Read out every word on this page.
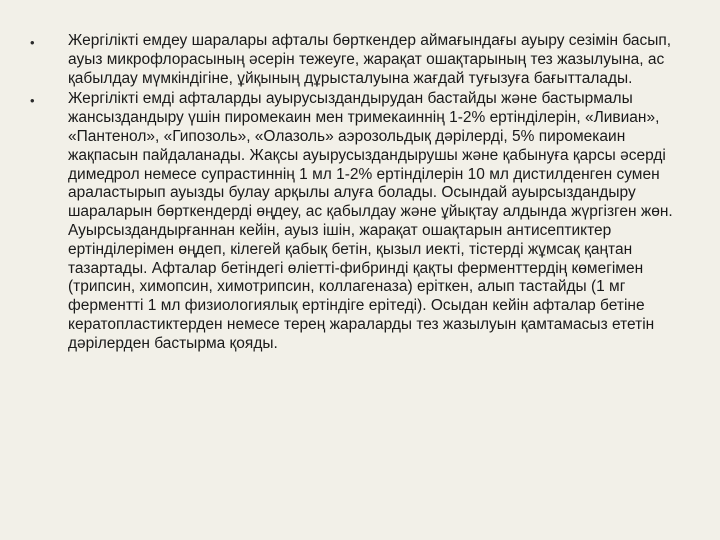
•	Жергілікті емдеу шаралары афталы бөрткендер аймағындағы ауыру сезімін басып, ауыз микрофлорасының әсерін тежеуге, жарақат ошақтарының тез жазылуына, ас қабылдау мүмкіндігіне, ұйқының дұрысталуына жағдай туғызуға бағытталады.
•	Жергілікті емді афталарды ауырусыздандырудан бастайды және бастырмалы жансыздандыру үшін пиромекаин мен тримекаиннің 1-2% ертінділерін, «Ливиан», «Пантенол», «Гипозоль», «Олазоль» аэрозольдық дәрілерді, 5% пиромекаин жақпасын пайдаланады. Жақсы ауырусыздандырушы және қабынуға қарсы әсерді димедрол немесе супрастиннің 1 мл 1-2% ертінділерін 10 мл дистилденген сумен араластырып ауызды булау арқылы алуға болады. Осындай ауырсыздандыру шараларын бөрткендерді өңдеу, ас қабылдау және ұйықтау алдында жүргізген жөн. Ауырсыздандырғаннан кейін, ауыз ішін, жарақат ошақтарын антисептиктер ертінділерімен өңдеп, кілегей қабық бетін, қызыл иекті, тістерді жұмсақ қаңтан тазартады. Афталар бетіндегі өліетті-фибринді қақты ферменттердің көмегімен (трипсин, химопсин, химотрипсин, коллагеназа) еріткен, алып тастайды (1 мг ферментті 1 мл физиологиялық ертіндіге ерітеді). Осыдан кейін афталар бетіне кератопластиктерден немесе терең жараларды тез жазылуын қамтамасыз ететін дәрілерден бастырма қояды.
